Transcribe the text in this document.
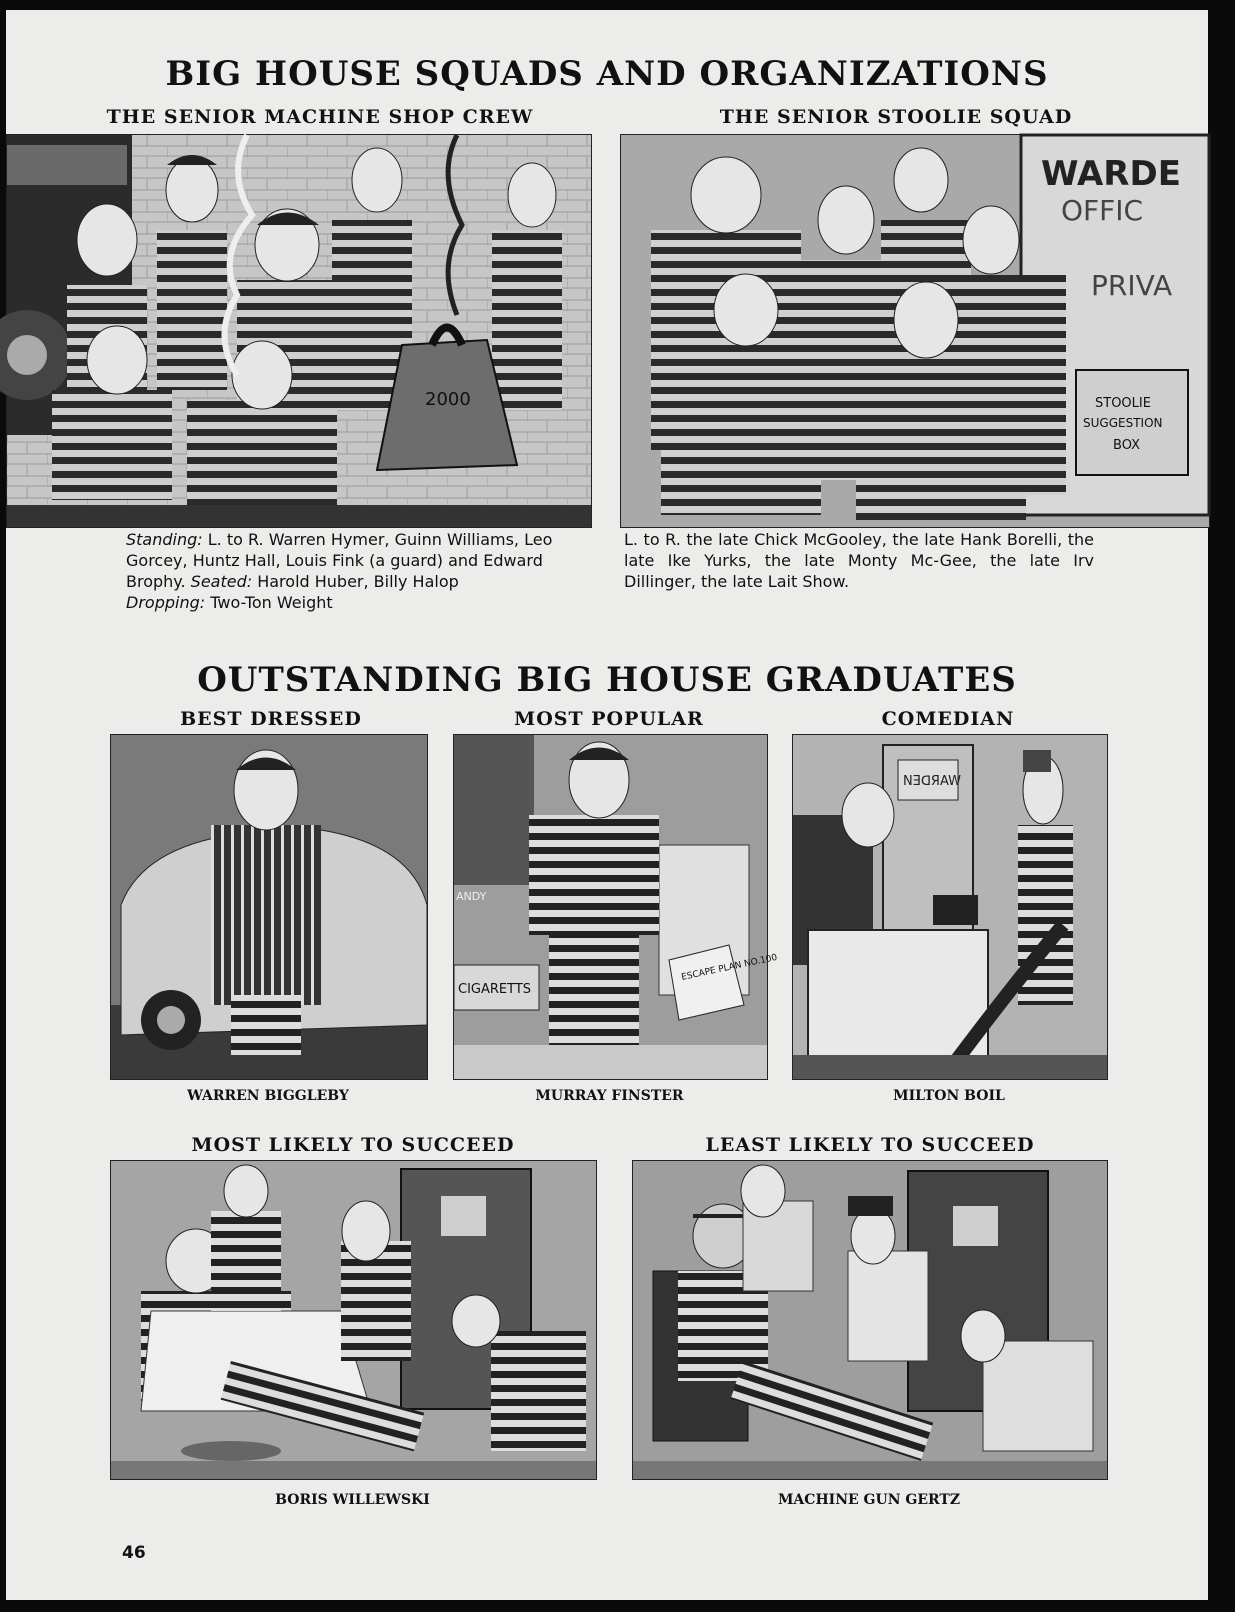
BIG HOUSE SQUADS AND ORGANIZATIONS
THE SENIOR MACHINE SHOP CREW
2000
Standing: L. to R. Warren Hymer, Guinn Williams, Leo Gorcey, Huntz Hall, Louis Fink (a guard) and Edward Brophy. Seated: Harold Huber, Billy Halop
Dropping: Two-Ton Weight
THE SENIOR STOOLIE SQUAD
WARDE
OFFIC
PRIVA
STOOLIE
SUGGESTION
BOX
L. to R. the late Chick McGooley, the late Hank Borelli, the late Ike Yurks, the late Monty Mc-Gee, the late Irv Dillinger, the late Lait Show.
OUTSTANDING BIG HOUSE GRADUATES
BEST DRESSED
WARREN BIGGLEBY
MOST POPULAR
CIGARETTS
ANDY
ESCAPE PLAN NO.100
MURRAY FINSTER
COMEDIAN
NƎᗡЯAW
MILTON BOIL
MOST LIKELY TO SUCCEED
BORIS WILLEWSKI
LEAST LIKELY TO SUCCEED
MACHINE GUN GERTZ
46
